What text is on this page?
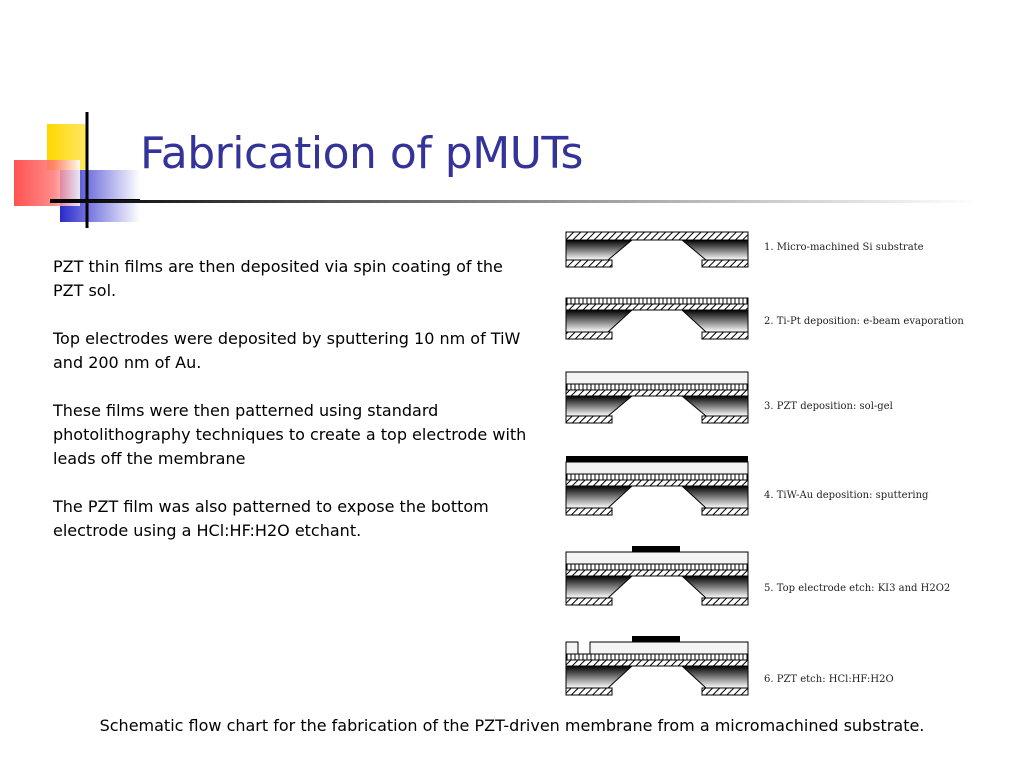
Fabrication of pMUTs

PZT thin films are then deposited via spin coating of the PZT sol.

Top electrodes were deposited by sputtering 10 nm of TiW and 200 nm of Au.

These films were then patterned using standard photolithography techniques to create a top electrode with leads off the membrane

The PZT film was also patterned to expose the bottom electrode using a HCl:HF:H2O etchant.

1. Micro-machined Si substrate
2. Ti-Pt deposition: e-beam evaporation
3. PZT deposition: sol-gel
4. TiW-Au deposition: sputtering
5. Top electrode etch: KI3 and H2O2
6. PZT etch: HCl:HF:H2O
Schematic flow chart for the fabrication of the PZT-driven membrane from a micromachined substrate.
